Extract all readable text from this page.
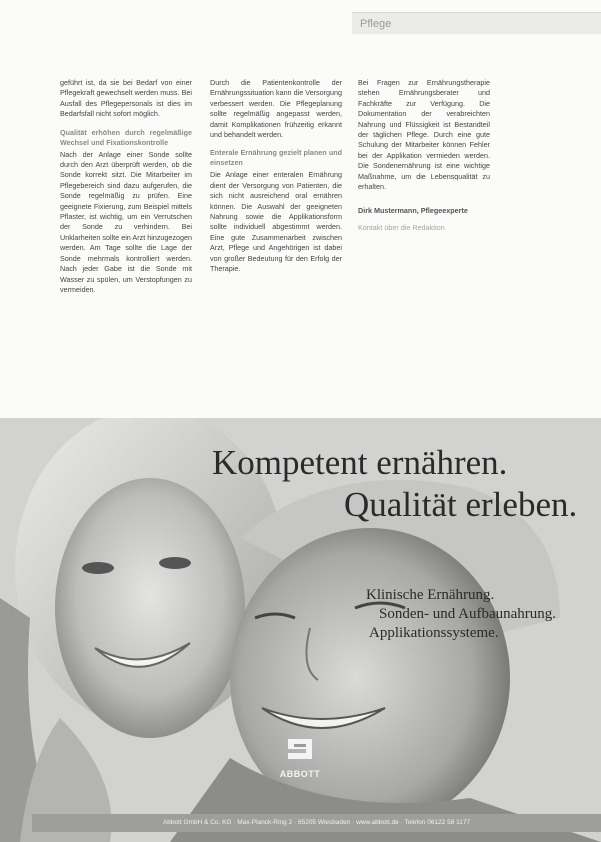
Pflege

geführt ist, da sie bei Bedarf von einer Pflegekraft gewechselt werden muss. Bei Ausfall des Pflegepersonals ist dies im Bedarfsfall nicht sofort möglich.

Qualität erhöhen durch regelmäßige Wechsel und Fixationskontrolle

Nach der Anlage einer Sonde sollte durch den Arzt überprüft werden, ob die Sonde korrekt sitzt. Die Mitarbeiter im Pflegebereich sind dazu aufgerufen, die Sonde regelmäßig zu prüfen. Eine geeignete Fixierung, zum Beispiel mittels Pflaster, ist wichtig, um ein Verrutschen der Sonde zu verhindern. Bei Unklarheiten sollte ein Arzt hinzugezogen werden. Am Tage sollte die Lage der Sonde mehrmals kontrolliert werden. Nach jeder Gabe ist die Sonde mit Wasser zu spülen, um Verstopfungen zu vermeiden.

Durch die Patientenkontrolle der Ernährungssituation kann die Versorgung verbessert werden. Die Pflegeplanung sollte regelmäßig angepasst werden, damit Komplikationen frühzeitig erkannt und behandelt werden.

Enterale Ernährung gezielt planen und einsetzen

Die Anlage einer enteralen Ernährung dient der Versorgung von Patienten, die sich nicht ausreichend oral ernähren können. Die Auswahl der geeigneten Nahrung sowie die Applikationsform sollte individuell abgestimmt werden. Eine gute Zusammenarbeit zwischen Arzt, Pflege und Angehörigen ist dabei von großer Bedeutung für den Erfolg der Therapie.

Bei Fragen zur Ernährungstherapie stehen Ernährungsberater und Fachkräfte zur Verfügung. Die Dokumentation der verabreichten Nahrung und Flüssigkeit ist Bestandteil der täglichen Pflege. Durch eine gute Schulung der Mitarbeiter können Fehler bei der Applikation vermieden werden. Die Sondenernährung ist eine wichtige Maßnahme, um die Lebensqualität zu erhalten.

Dirk Mustermann, Pflegeexperte
Kontakt über die Redaktion
Kompetent ernähren.
Qualität erleben.
Klinische Ernährung.
Sonden- und Aufbaunahrung.
Applikationssysteme.
ABBOTT
Abbott GmbH & Co. KG · Max-Planck-Ring 2 · 65205 Wiesbaden · www.abbott.de · Telefon 06122 58 1177
